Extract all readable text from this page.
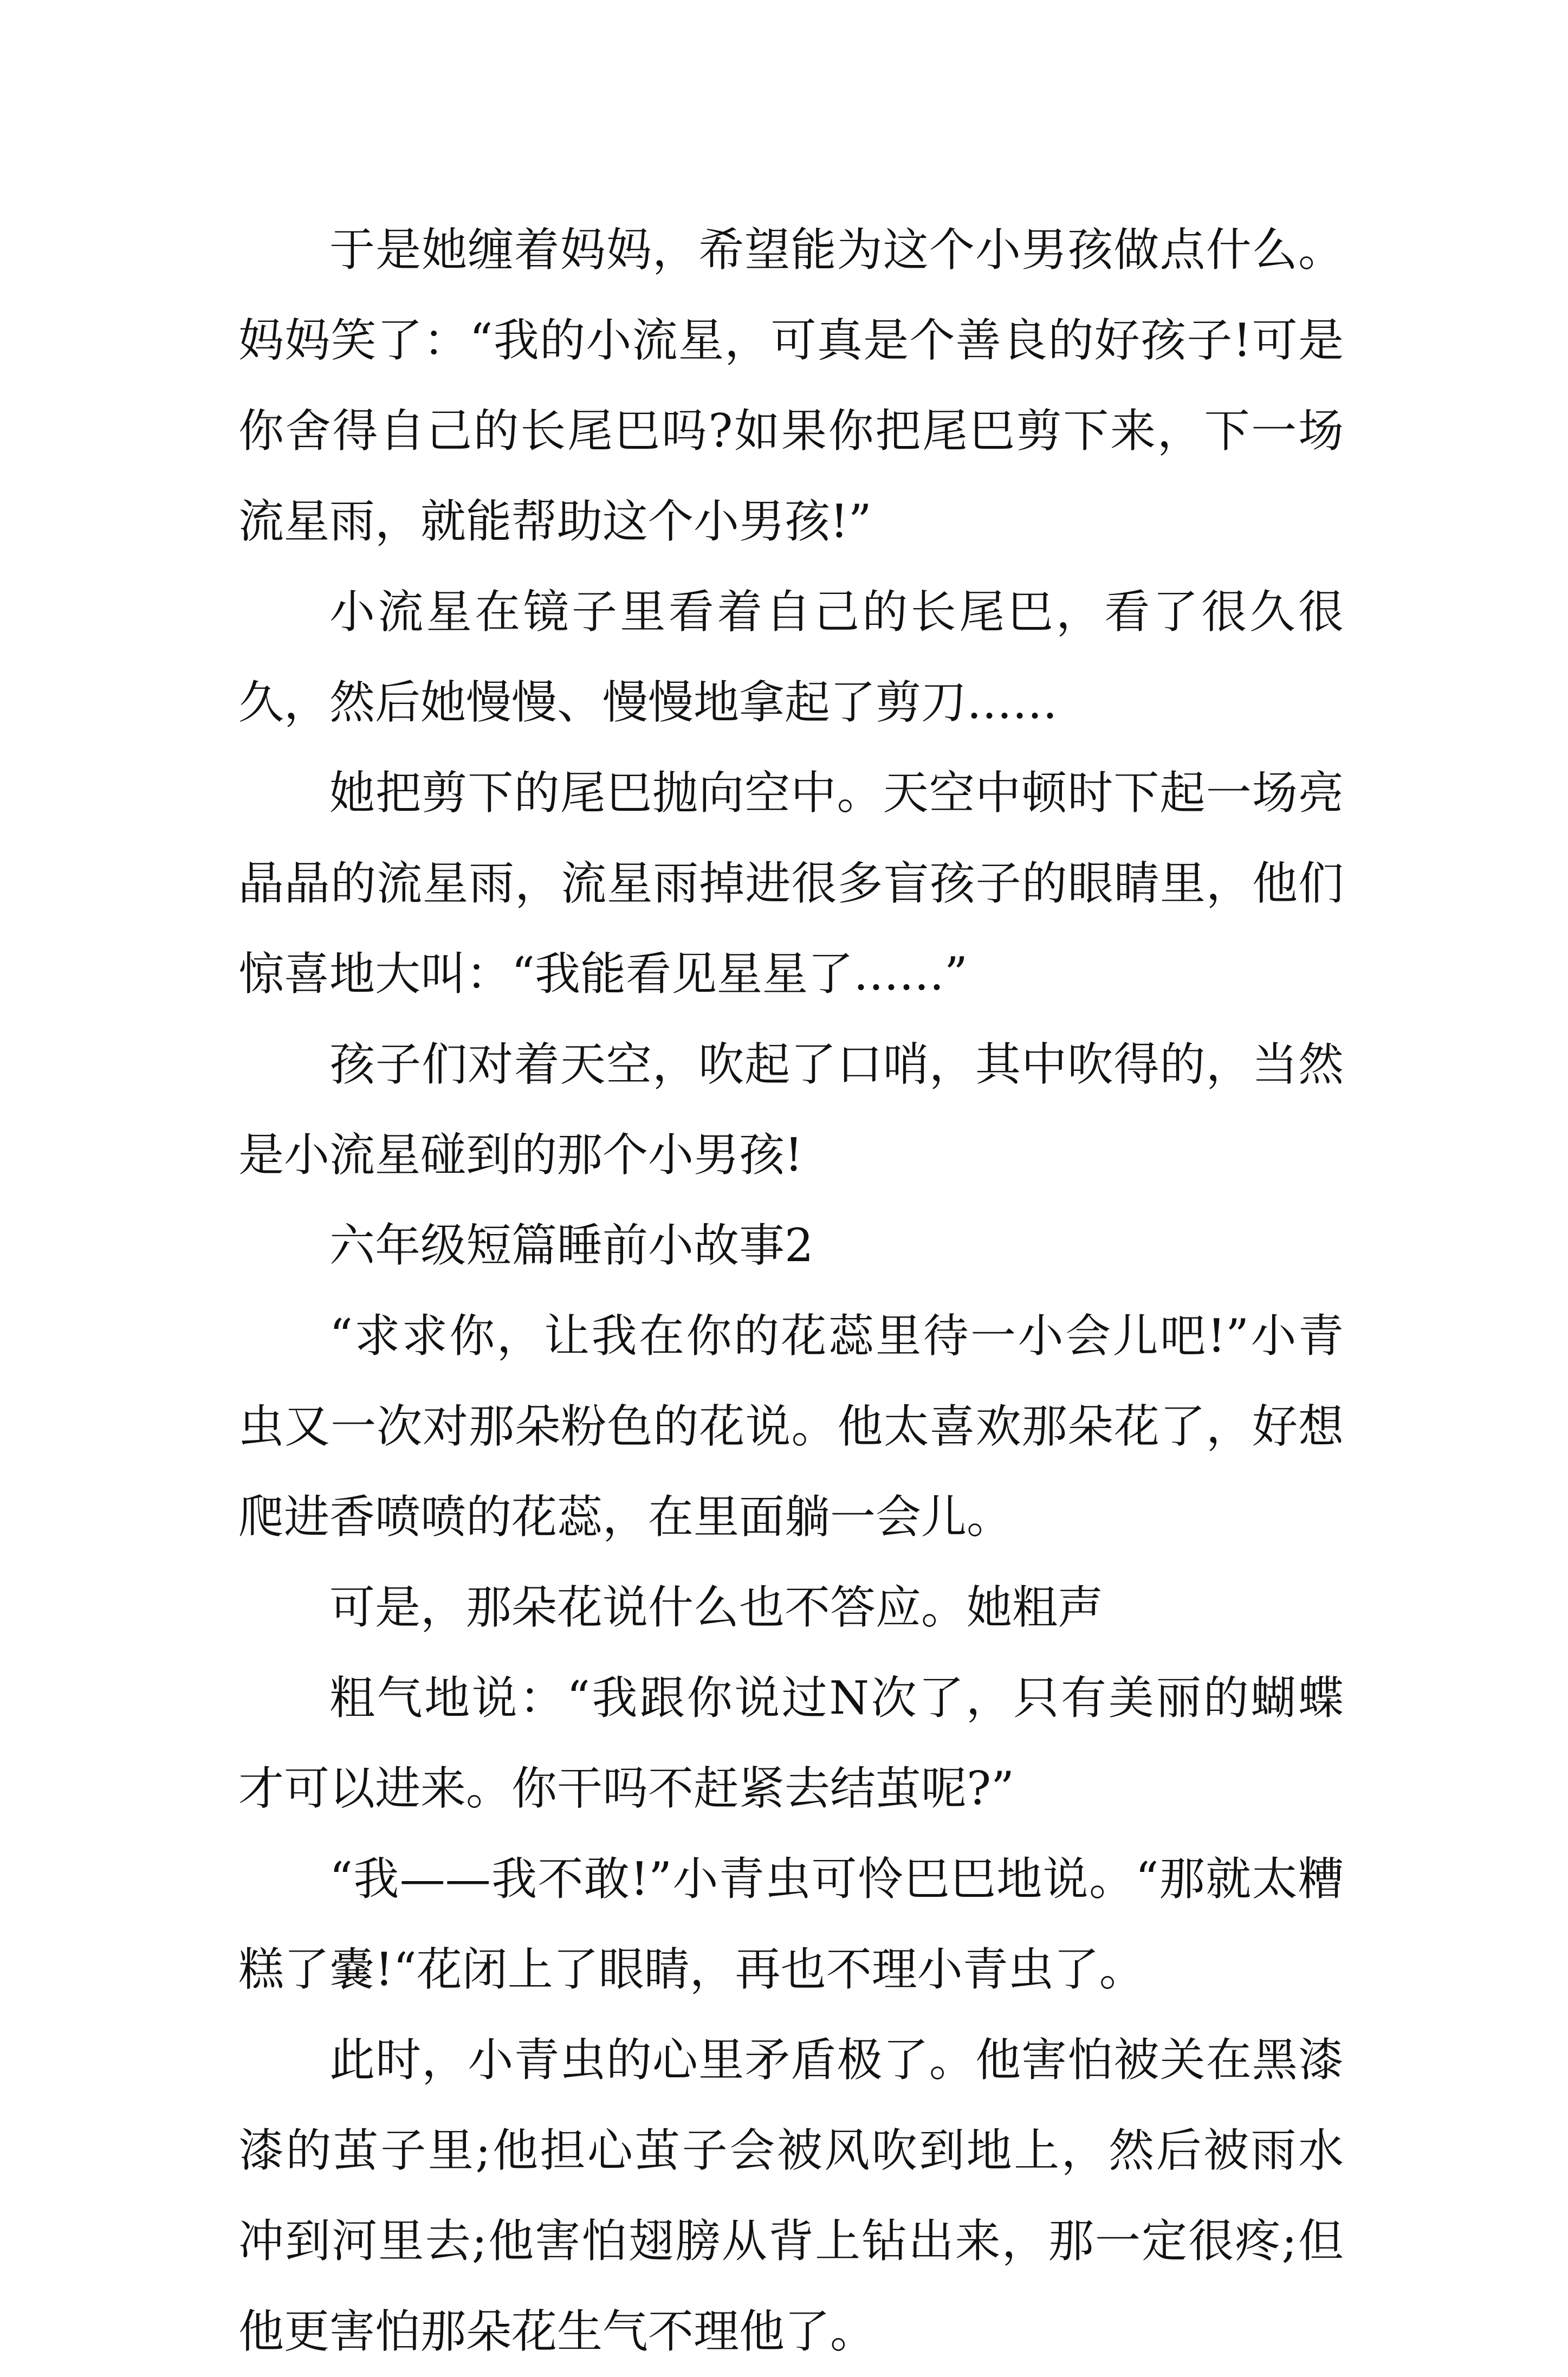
于是她缠着妈妈，希望能为这个小男孩做点什么。妈妈笑了：“我的小流星，可真是个善良的好孩子!可是你舍得自己的长尾巴吗?如果你把尾巴剪下来，下一场流星雨，就能帮助这个小男孩!”

小流星在镜子里看着自己的长尾巴，看了很久很久，然后她慢慢、慢慢地拿起了剪刀……

她把剪下的尾巴抛向空中。天空中顿时下起一场亮晶晶的流星雨，流星雨掉进很多盲孩子的眼睛里，他们惊喜地大叫：“我能看见星星了……”

孩子们对着天空，吹起了口哨，其中吹得的，当然是小流星碰到的那个小男孩!

六年级短篇睡前小故事2

“求求你，让我在你的花蕊里待一小会儿吧!”小青虫又一次对那朵粉色的花说。他太喜欢那朵花了，好想爬进香喷喷的花蕊，在里面躺一会儿。

可是，那朵花说什么也不答应。她粗声

粗气地说：“我跟你说过N次了，只有美丽的蝴蝶才可以进来。你干吗不赶紧去结茧呢?”

“我——我不敢!”小青虫可怜巴巴地说。“那就太糟糕了嚢!“花闭上了眼睛，再也不理小青虫了。

此时，小青虫的心里矛盾极了。他害怕被关在黑漆漆的茧子里;他担心茧子会被风吹到地上，然后被雨水冲到河里去;他害怕翅膀从背上钻出来，那一定很疼;但他更害怕那朵花生气不理他了。
